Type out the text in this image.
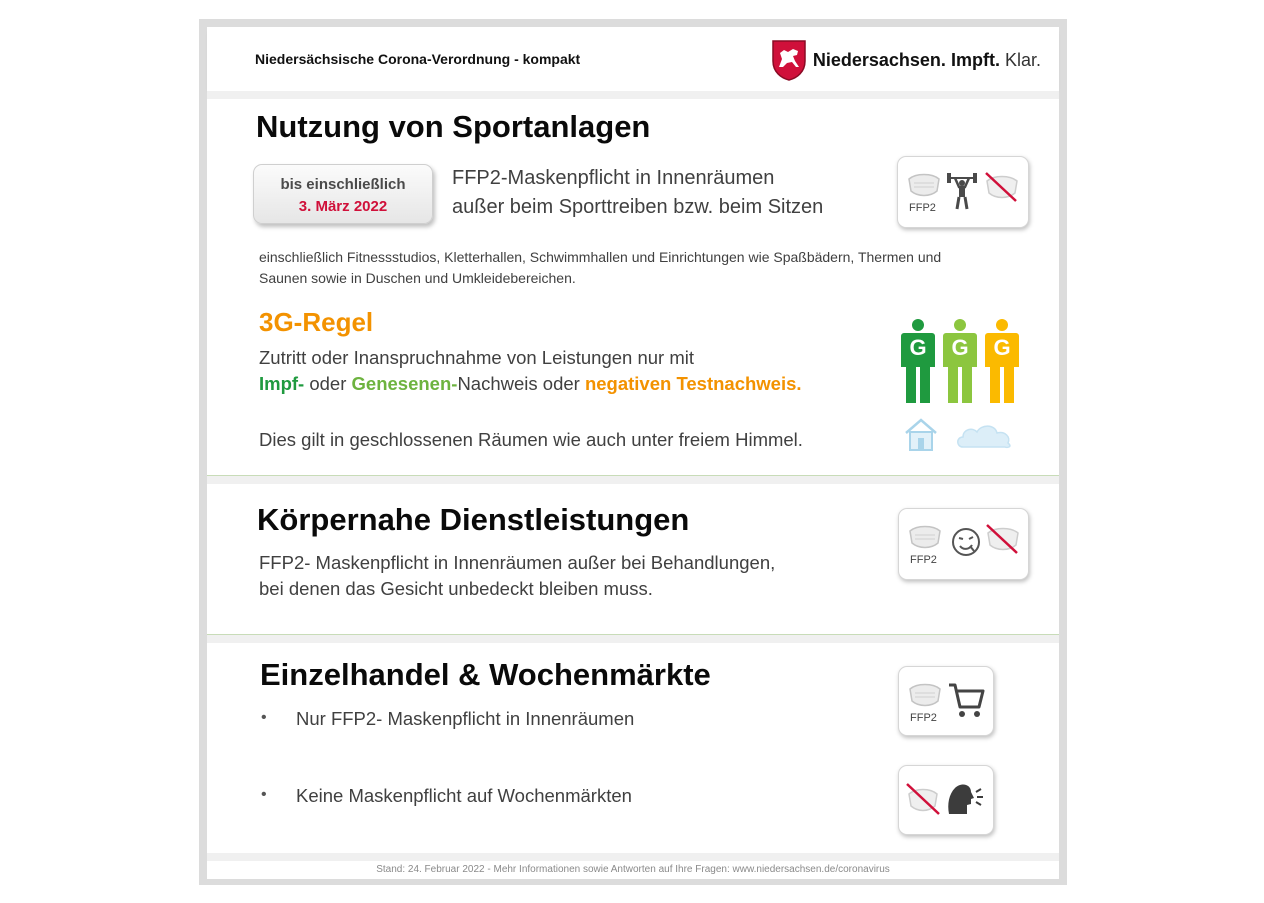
Niedersächsische Corona-Verordnung - kompakt	Niedersachsen. Impft. Klar.
Nutzung von Sportanlagen
bis einschließlich
3. März 2022
FFP2-Maskenpflicht in Innenräumen
außer beim Sporttreiben bzw. beim Sitzen	FFP2
einschließlich Fitnessstudios, Kletterhallen, Schwimmhallen und Einrichtungen wie Spaßbädern, Thermen und
Saunen sowie in Duschen und Umkleidebereichen.
3G-Regel
Zutritt oder Inanspruchnahme von Leistungen nur mit
Impf- oder Genesenen-Nachweis oder negativen Testnachweis.
G	G	G
Dies gilt in geschlossenen Räumen wie auch unter freiem Himmel.
Körpernahe Dienstleistungen
FFP2- Maskenpflicht in Innenräumen außer bei Behandlungen,
bei denen das Gesicht unbedeckt bleiben muss.
FFP2
Einzelhandel & Wochenmärkte
• Nur FFP2- Maskenpflicht in Innenräumen
• Keine Maskenpflicht auf Wochenmärkten
FFP2
Stand: 24. Februar 2022 - Mehr Informationen sowie Antworten auf Ihre Fragen: www.niedersachsen.de/coronavirus
